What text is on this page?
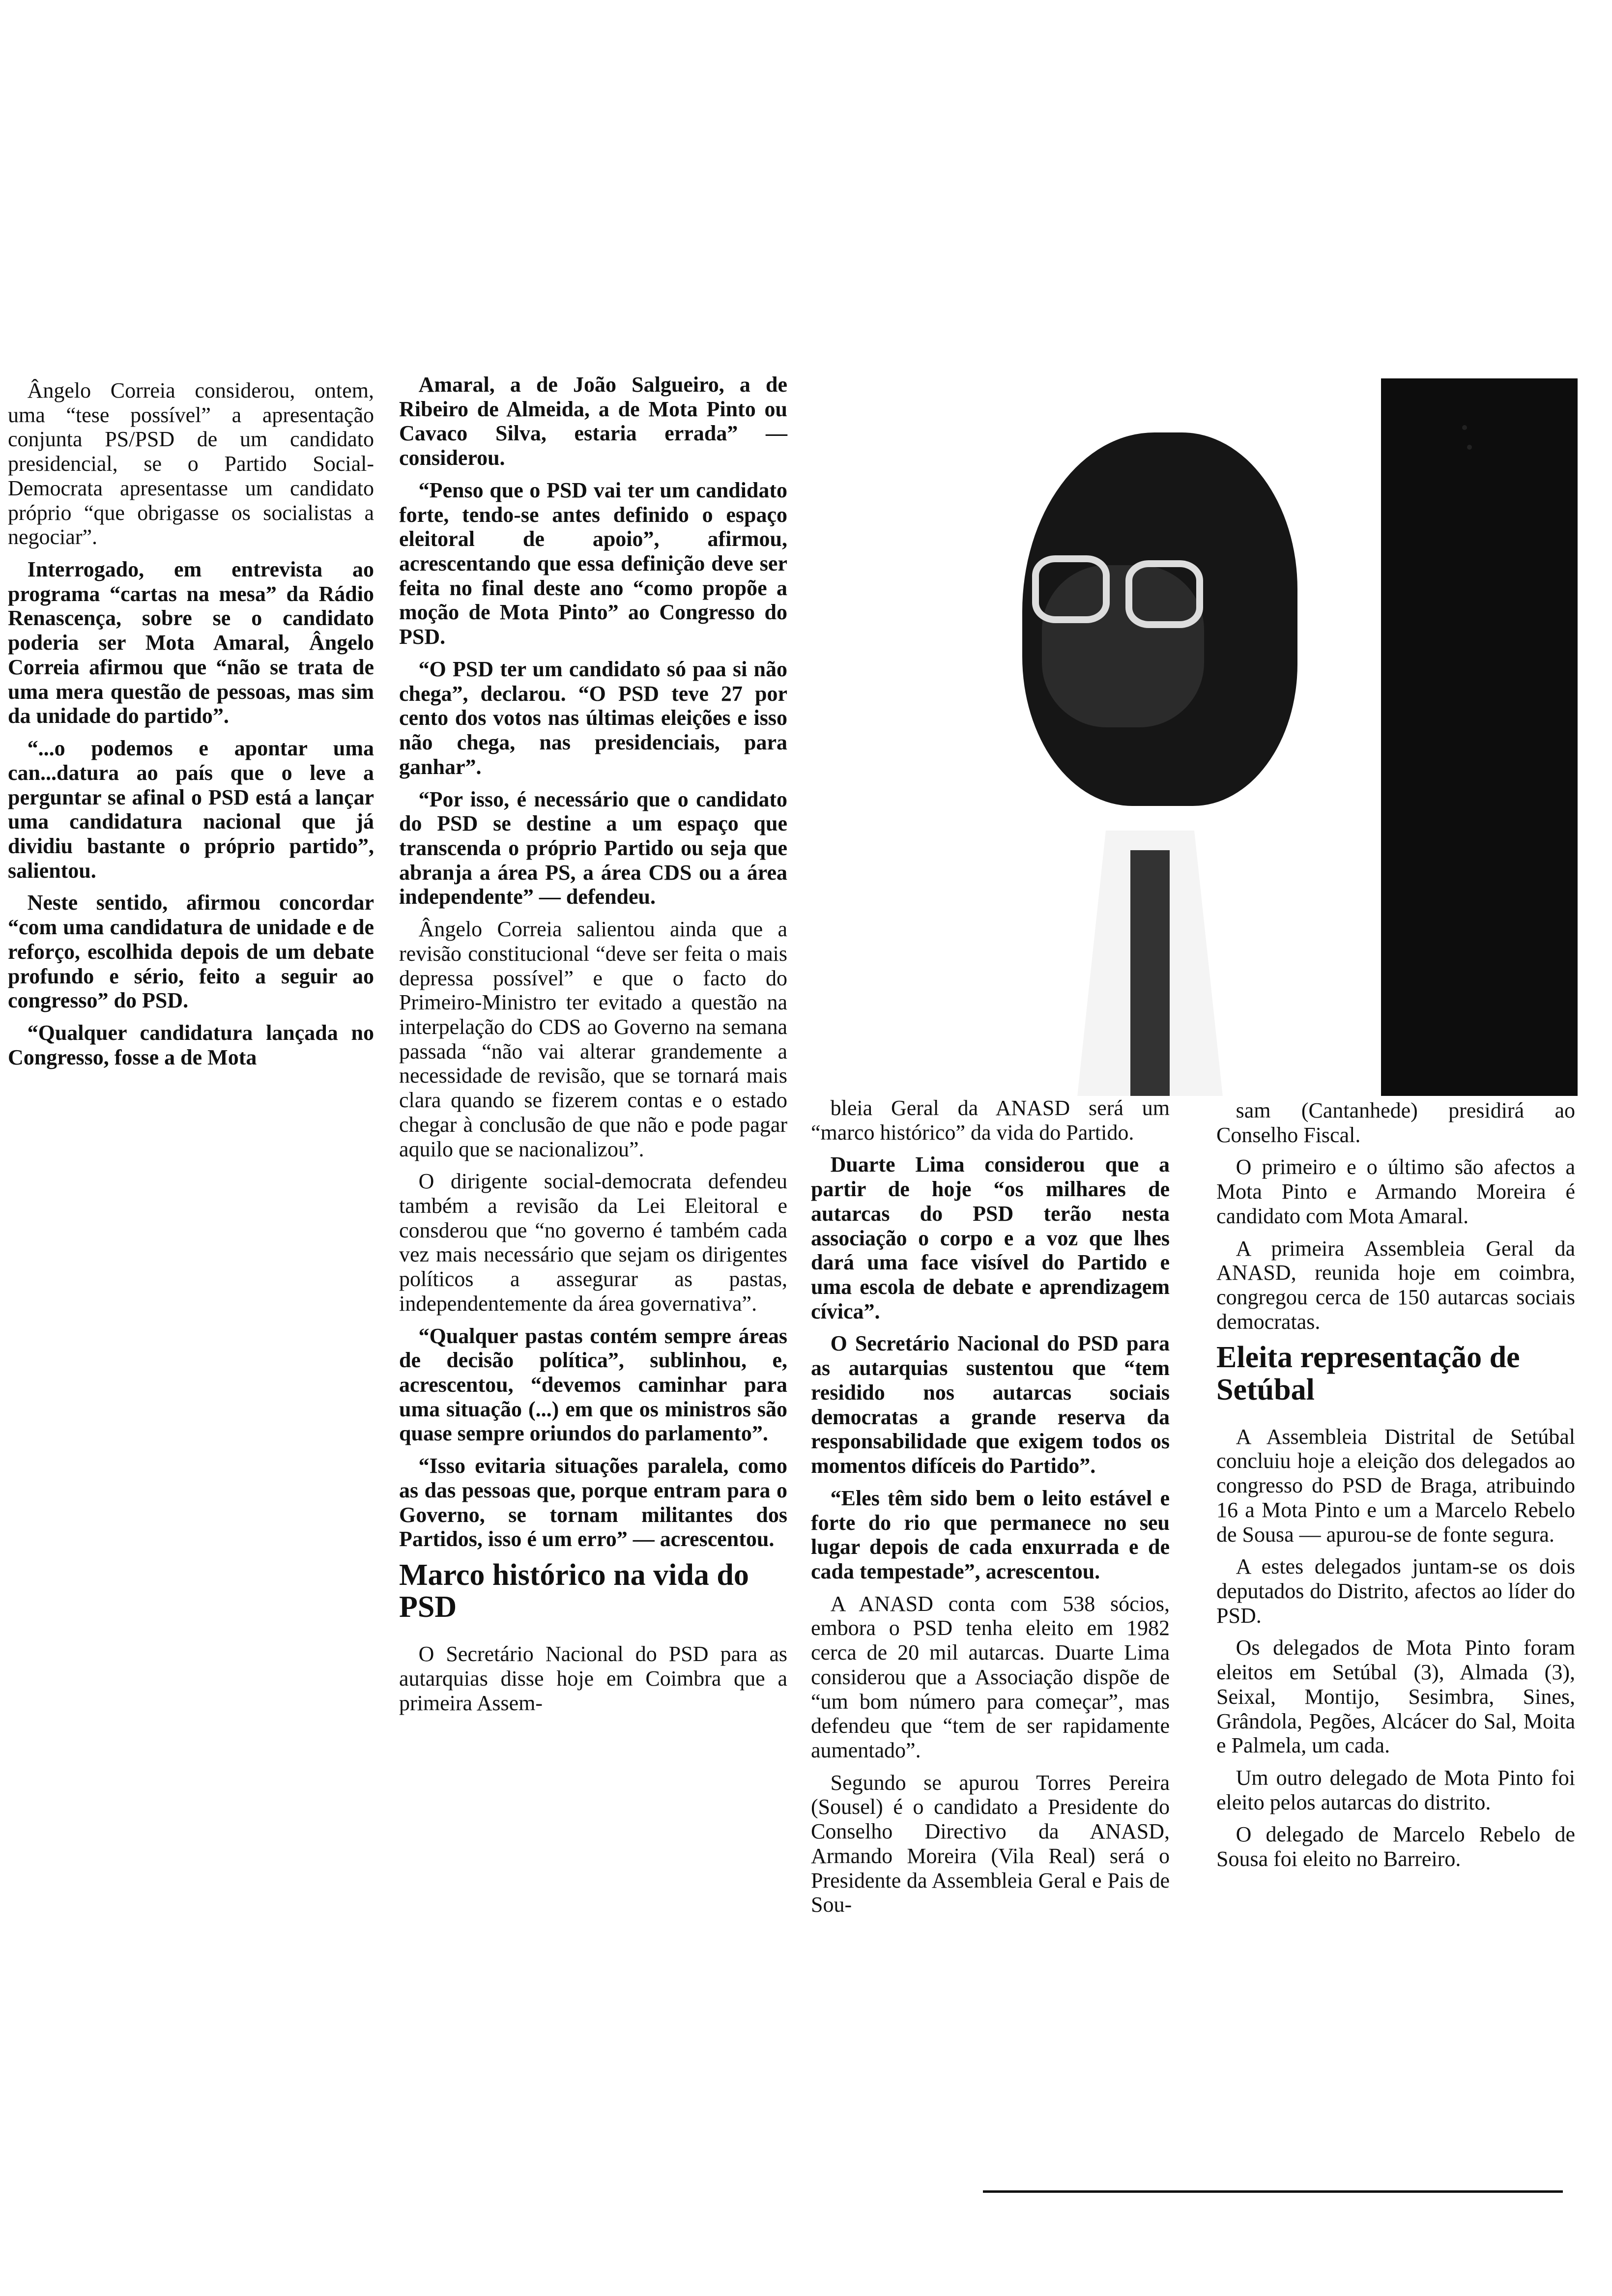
Ângelo Correia considerou, ontem, uma “tese possível” a apresentação conjunta PS/PSD de um candidato presidencial, se o Partido Social-Democrata apresentasse um candidato próprio “que obrigasse os socialistas a negociar”.

Interrogado, em entrevista ao programa “cartas na mesa” da Rádio Renascença, sobre se o candidato poderia ser Mota Amaral, Ângelo Correia afirmou que “não se trata de uma mera questão de pessoas, mas sim da unidade do partido”.

“...o podemos e apontar uma can...datura ao país que o leve a perguntar se afinal o PSD está a lançar uma candidatura nacional que já dividiu bastante o próprio partido”, salientou.

Neste sentido, afirmou concordar “com uma candidatura de unidade e de reforço, escolhida depois de um debate profundo e sério, feito a seguir ao congresso” do PSD.

“Qualquer candidatura lançada no Congresso, fosse a de Mota

Amaral, a de João Salgueiro, a de Ribeiro de Almeida, a de Mota Pinto ou Cavaco Silva, estaria errada” — considerou.

“Penso que o PSD vai ter um candidato forte, tendo-se antes definido o espaço eleitoral de apoio”, afirmou, acrescentando que essa definição deve ser feita no final deste ano “como propõe a moção de Mota Pinto” ao Congresso do PSD.

“O PSD ter um candidato só paa si não chega”, declarou. “O PSD teve 27 por cento dos votos nas últimas eleições e isso não chega, nas presidenciais, para ganhar”.

“Por isso, é necessário que o candidato do PSD se destine a um espaço que transcenda o próprio Partido ou seja que abranja a área PS, a área CDS ou a área independente” — defendeu.

Ângelo Correia salientou ainda que a revisão constitucional “deve ser feita o mais depressa possível” e que o facto do Primeiro-Ministro ter evitado a questão na interpelação do CDS ao Governo na semana passada “não vai alterar grandemente a necessidade de revisão, que se tornará mais clara quando se fizerem contas e o estado chegar à conclusão de que não e pode pagar aquilo que se nacionalizou”.

O dirigente social-democrata defendeu também a revisão da Lei Eleitoral e consderou que “no governo é também cada vez mais necessário que sejam os dirigentes políticos a assegurar as pastas, independentemente da área governativa”.

“Qualquer pastas contém sempre áreas de decisão política”, sublinhou, e, acrescentou, “devemos caminhar para uma situação (...) em que os ministros são quase sempre oriundos do parlamento”.

“Isso evitaria situações paralela, como as das pessoas que, porque entram para o Governo, se tornam militantes dos Partidos, isso é um erro” — acrescentou.

Marco histórico na vida do PSD

O Secretário Nacional do PSD para as autarquias disse hoje em Coimbra que a primeira Assem-

bleia Geral da ANASD será um “marco histórico” da vida do Partido.

Duarte Lima considerou que a partir de hoje “os milhares de autarcas do PSD terão nesta associação o corpo e a voz que lhes dará uma face visível do Partido e uma escola de debate e aprendizagem cívica”.

O Secretário Nacional do PSD para as autarquias sustentou que “tem residido nos autarcas sociais democratas a grande reserva da responsabilidade que exigem todos os momentos difíceis do Partido”.

“Eles têm sido bem o leito estável e forte do rio que permanece no seu lugar depois de cada enxurrada e de cada tempestade”, acrescentou.

A ANASD conta com 538 sócios, embora o PSD tenha eleito em 1982 cerca de 20 mil autarcas. Duarte Lima considerou que a Associação dispõe de “um bom número para começar”, mas defendeu que “tem de ser rapidamente aumentado”.

Segundo se apurou Torres Pereira (Sousel) é o candidato a Presidente do Conselho Directivo da ANASD, Armando Moreira (Vila Real) será o Presidente da Assembleia Geral e Pais de Sou-

sam (Cantanhede) presidirá ao Conselho Fiscal.

O primeiro e o último são afectos a Mota Pinto e Armando Moreira é candidato com Mota Amaral.

A primeira Assembleia Geral da ANASD, reunida hoje em coimbra, congregou cerca de 150 autarcas sociais democratas.

Eleita representação de Setúbal

A Assembleia Distrital de Setúbal concluiu hoje a eleição dos delegados ao congresso do PSD de Braga, atribuindo 16 a Mota Pinto e um a Marcelo Rebelo de Sousa — apurou-se de fonte segura.

A estes delegados juntam-se os dois deputados do Distrito, afectos ao líder do PSD.

Os delegados de Mota Pinto foram eleitos em Setúbal (3), Almada (3), Seixal, Montijo, Sesimbra, Sines, Grândola, Pegões, Alcácer do Sal, Moita e Palmela, um cada.

Um outro delegado de Mota Pinto foi eleito pelos autarcas do distrito.

O delegado de Marcelo Rebelo de Sousa foi eleito no Barreiro.
